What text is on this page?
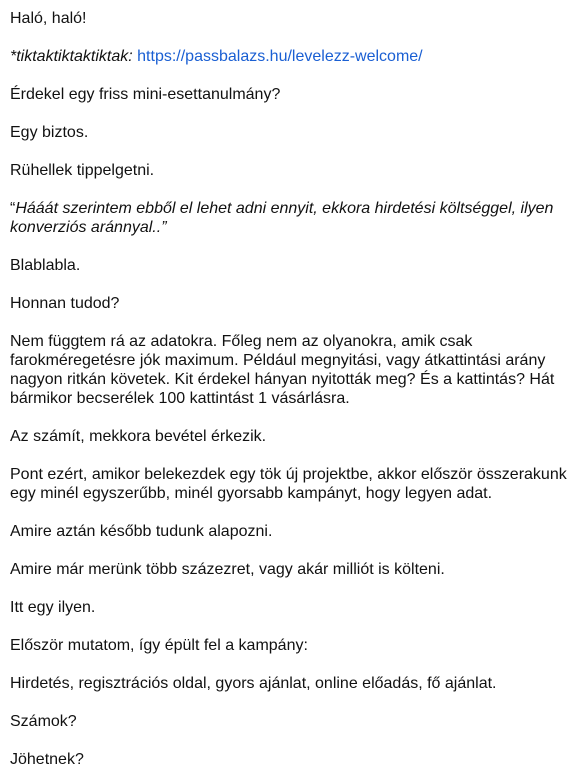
Haló, haló!

*tiktaktiktaktiktak: https://passbalazs.hu/levelezz-welcome/

Érdekel egy friss mini-esettanulmány?

Egy biztos.

Rühellek tippelgetni.

“Hááát szerintem ebből el lehet adni ennyit, ekkora hirdetési költséggel, ilyen konverziós aránnyal..”

Blablabla.

Honnan tudod?

Nem függtem rá az adatokra. Főleg nem az olyanokra, amik csak farokméregetésre jók maximum. Például megnyitási, vagy átkattintási arány nagyon ritkán követek. Kit érdekel hányan nyitották meg? És a kattintás? Hát bármikor becserélek 100 kattintást 1 vásárlásra.

Az számít, mekkora bevétel érkezik.

Pont ezért, amikor belekezdek egy tök új projektbe, akkor először összerakunk egy minél egyszerűbb, minél gyorsabb kampányt, hogy legyen adat.

Amire aztán később tudunk alapozni.

Amire már merünk több százezret, vagy akár milliót is költeni.

Itt egy ilyen.

Először mutatom, így épült fel a kampány:

Hirdetés, regisztrációs oldal, gyors ajánlat, online előadás, fő ajánlat.

Számok?

Jöhetnek?
